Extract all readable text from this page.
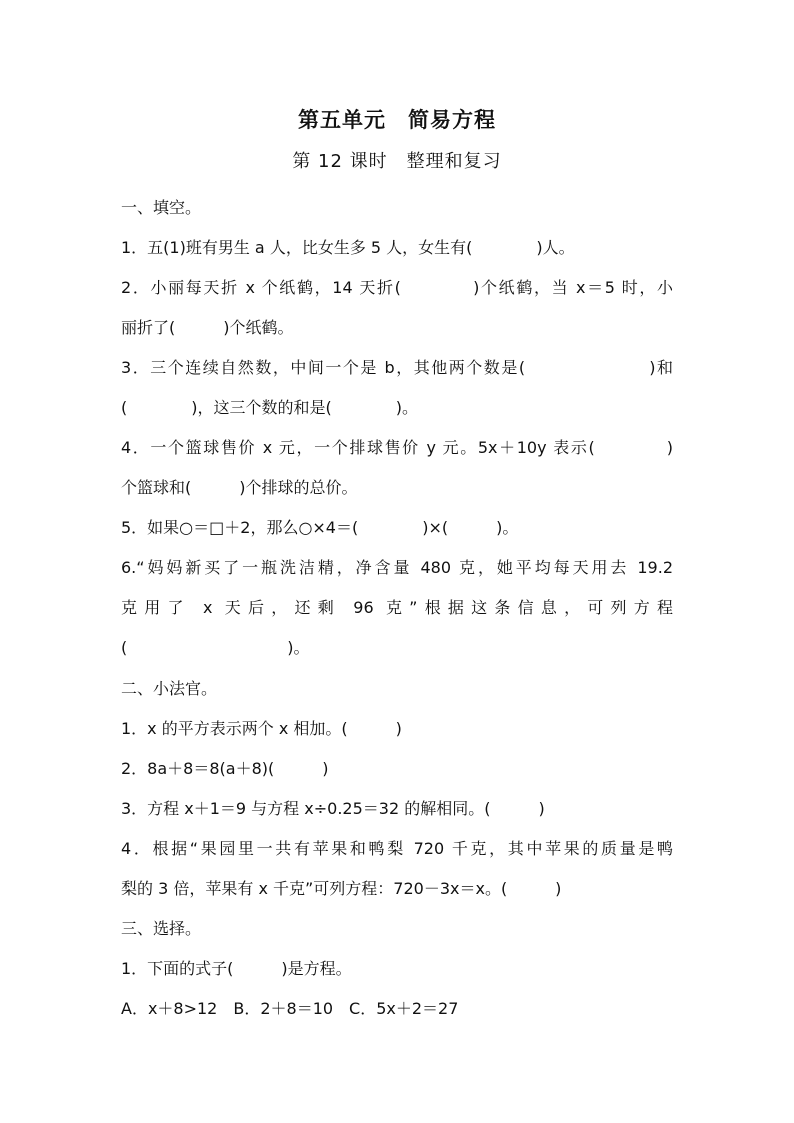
第五单元　简易方程
第 12 课时　整理和复习
一、填空。
1．五(1)班有男生 a 人，比女生多 5 人，女生有(　　　　)人。
2．小丽每天折 x 个纸鹤，14 天折(　　　　)个纸鹤，当 x＝5 时，小
丽折了(　　　)个纸鹤。
3．三个连续自然数，中间一个是 b，其他两个数是(　　　　　　　)和
(　　　　)，这三个数的和是(　　　　)。
4．一个篮球售价 x 元，一个排球售价 y 元。5x＋10y 表示(　　　　)
个篮球和(　　　)个排球的总价。
5．如果○＝□＋2，那么○×4＝(　　　　)×(　　　)。
6.“妈妈新买了一瓶洗洁精，净含量 480 克，她平均每天用去 19.2
克用了 x 天后，还剩 96 克”根据这条信息，可列方程
(　　　　　　　　　　)。
二、小法官。
1．x 的平方表示两个 x 相加。(　　　)
2．8a＋8＝8(a＋8)(　　　)
3．方程 x＋1＝9 与方程 x÷0.25＝32 的解相同。(　　　)
4．根据“果园里一共有苹果和鸭梨 720 千克，其中苹果的质量是鸭
梨的 3 倍，苹果有 x 千克”可列方程：720－3x＝x。(　　　)
三、选择。
1．下面的式子(　　　)是方程。
A．x＋8>12　B．2＋8＝10　C．5x＋2＝27
